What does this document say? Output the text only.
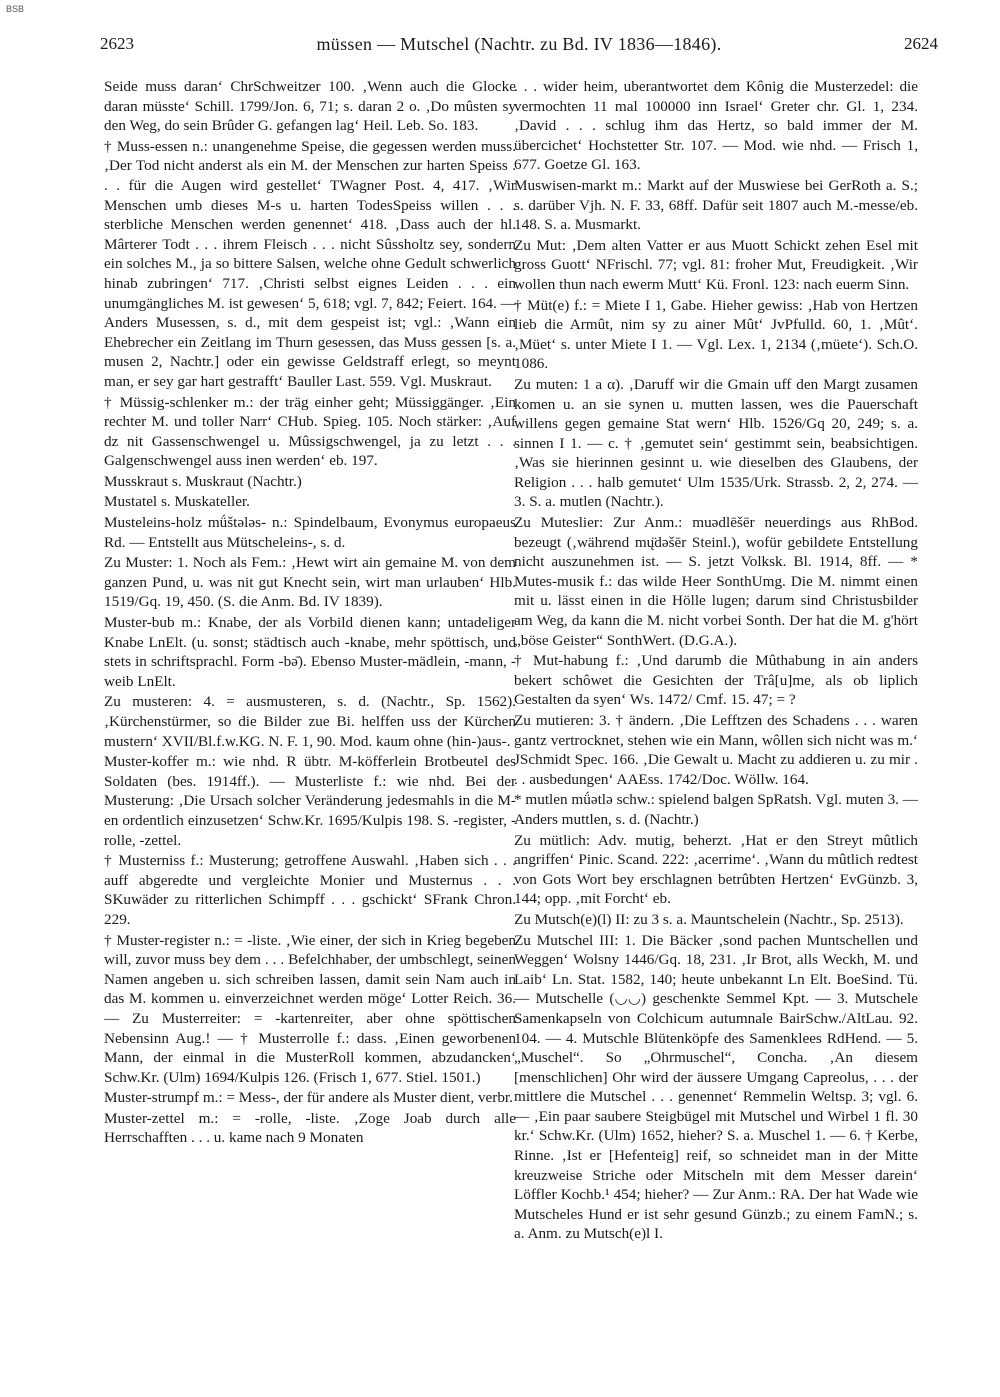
BSB
2623	müssen — Mutschel (Nachtr. zu Bd. IV 1836—1846).	2624

Seide muss daran‘ ChrSchweitzer 100. ‚Wenn auch die Glocke daran müsste‘ Schill. 1799/Jon. 6, 71; s. daran 2 o. ‚Do mûsten sy den Weg, do sein Brûder G. gefangen lag‘ Heil. Leb. So. 183.

† Muss-essen n.: unangenehme Speise, die gegessen werden muss. ‚Der Tod nicht anderst als ein M. der Menschen zur harten Speiss . . . für die Augen wird gestellet‘ TWagner Post. 4, 417. ‚Wir Menschen umb dieses M-s u. harten TodesSpeiss willen . . . sterbliche Menschen werden genennet‘ 418. ‚Dass auch der hl. Mârterer Todt . . . ihrem Fleisch . . . nicht Sûssholtz sey, sondern ein solches M., ja so bittere Salsen, welche ohne Gedult schwerlich hinab zubringen‘ 717. ‚Christi selbst eignes Leiden . . . ein unumgängliches M. ist gewesen‘ 5, 618; vgl. 7, 842; Feiert. 164. — Anders Musessen, s. d., mit dem gespeist ist; vgl.: ‚Wann ein Ehebrecher ein Zeitlang im Thurn gesessen, das Muss gessen [s. a. musen 2, Nachtr.] oder ein gewisse Geldstraff erlegt, so meynt man, er sey gar hart gestrafft‘ Bauller Last. 559. Vgl. Muskraut.

† Müssig-schlenker m.: der träg einher geht; Müssiggänger. ‚Ein rechter M. und toller Narr‘ CHub. Spieg. 105. Noch stärker: ‚Auf dz nit Gassenschwengel u. Mûssigschwengel, ja zu letzt . . . Galgenschwengel auss inen werden‘ eb. 197.

Musskraut s. Muskraut (Nachtr.)

Mustatel s. Muskateller.

Musteleins-holz mǘštələs- n.: Spindelbaum, Evonymus europaeus Rd. — Entstellt aus Mütscheleins-, s. d.

Zu Muster: 1. Noch als Fem.: ‚Hewt wirt ain gemaine M. von dem ganzen Pund, u. was nit gut Knecht sein, wirt man urlauben‘ Hlb. 1519/Gq. 19, 450. (S. die Anm. Bd. IV 1839).

Muster-bub m.: Knabe, der als Vorbild dienen kann; untadeliger Knabe LnElt. (u. sonst; städtisch auch -knabe, mehr spöttisch, und stets in schriftsprachl. Form -bə̄). Ebenso Muster-mädlein, -mann, -weib LnElt.

Zu musteren: 4. = ausmusteren, s. d. (Nachtr., Sp. 1562). ‚Kürchenstürmer, so die Bilder zue Bi. helffen uss der Kürchen mustern‘ XVII/Bl.f.w.KG. N. F. 1, 90. Mod. kaum ohne (hin-)aus-.

Muster-koffer m.: wie nhd. R übtr. M-köfferlein Brotbeutel des Soldaten (bes. 1914ff.). — Musterliste f.: wie nhd. Bei der Musterung: ‚Die Ursach solcher Veränderung jedesmahls in die M-en ordentlich einzusetzen‘ Schw.Kr. 1695/Kulpis 198. S. -register, -rolle, -zettel.

† Musterniss f.: Musterung; getroffene Auswahl. ‚Haben sich . . . auff abgeredte und vergleichte Monier und Musternus . . . SKuwäder zu ritterlichen Schimpff . . . gschickt‘ SFrank Chron. 229.

† Muster-register n.: = -liste. ‚Wie einer, der sich in Krieg begeben will, zuvor muss bey dem . . . Befelchhaber, der umbschlegt, seinen Namen angeben u. sich schreiben lassen, damit sein Nam auch in das M. kommen u. einverzeichnet werden möge‘ Lotter Reich. 36. — Zu Musterreiter: = -kartenreiter, aber ohne spöttischen Nebensinn Aug.! — † Musterrolle f.: dass. ‚Einen geworbenen Mann, der einmal in die MusterRoll kommen, abzudancken‘ Schw.Kr. (Ulm) 1694/Kulpis 126. (Frisch 1, 677. Stiel. 1501.)

Muster-strumpf m.: = Mess-, der für andere als Muster dient, verbr.

Muster-zettel m.: = -rolle, -liste. ‚Zoge Joab durch alle Herrschafften . . . u. kame nach 9 Monaten

. . . wider heim, uberantwortet dem Kônig die Musterzedel: die vermochten 11 mal 100000 inn Israel‘ Greter chr. Gl. 1, 234. ‚David . . . schlug ihm das Hertz, so bald immer der M. übercichet‘ Hochstetter Str. 107. — Mod. wie nhd. — Frisch 1, 677. Goetze Gl. 163.

Muswisen-markt m.: Markt auf der Muswiese bei GerRoth a. S.; s. darüber Vjh. N. F. 33, 68ff. Dafür seit 1807 auch M.-messe/eb. 148. S. a. Musmarkt.

Zu Mut: ‚Dem alten Vatter er aus Muott Schickt zehen Esel mit gross Guott‘ NFrischl. 77; vgl. 81: froher Mut, Freudigkeit. ‚Wir wollen thun nach ewerm Mutt‘ Kü. Fronl. 123: nach euerm Sinn.

† Müt(e) f.: = Miete I 1, Gabe. Hieher gewiss: ‚Hab von Hertzen lieb die Armût, nim sy zu ainer Mût‘ JvPfulld. 60, 1. ‚Mût‘. ‚Müet‘ s. unter Miete I 1. — Vgl. Lex. 1, 2134 (‚müete‘). Sch.O. 1086.

Zu muten: 1 a α). ‚Daruff wir die Gmain uff den Margt zusamen komen u. an sie synen u. mutten lassen, wes die Pauerschaft willens gegen gemaine Stat wern‘ Hlb. 1526/Gq 20, 249; s. a. sinnen I 1. — c. † ‚gemutet sein‘ gestimmt sein, beabsichtigen. ‚Was sie hierinnen gesinnt u. wie dieselben des Glaubens, der Religion . . . halb gemutet‘ Ulm 1535/Urk. Strassb. 2, 2, 274. — 3. S. a. mutlen (Nachtr.).

Zu Muteslier: Zur Anm.: muədlēšēr neuerdings aus RhBod. bezeugt (‚während mų̈dəšēr Steinl.), wofür gebildete Entstellung nicht auszunehmen ist. — S. jetzt Volksk. Bl. 1914, 8ff. — * Mutes-musik f.: das wilde Heer SonthUmg. Die M. nimmt einen mit u. lässt einen in die Hölle lugen; darum sind Christusbilder am Weg, da kann die M. nicht vorbei Sonth. Der hat die M. g'hört „böse Geister“ SonthWert. (D.G.A.).

† Mut-habung f.: ‚Und darumb die Mûthabung in ain anders bekert schôwet die Gesichten der Trâ[u]me, als ob liplich Gestalten da syen‘ Ws. 1472/ Cmf. 15. 47; = ?

Zu mutieren: 3. † ändern. ‚Die Lefftzen des Schadens . . . waren gantz vertrocknet, stehen wie ein Mann, wôllen sich nicht was m.‘ JSchmidt Spec. 166. ‚Die Gewalt u. Macht zu addieren u. zu mir . . . ausbedungen‘ AAEss. 1742/Doc. Wöllw. 164.

* mutlen mǘətlə schw.: spielend balgen SpRatsh. Vgl. muten 3. — Anders muttlen, s. d. (Nachtr.)

Zu mütlich: Adv. mutig, beherzt. ‚Hat er den Streyt mûtlich angriffen‘ Pinic. Scand. 222: ‚acerrime‘. ‚Wann du mûtlich redtest von Gots Wort bey erschlagnen betrûbten Hertzen‘ EvGünzb. 3, 144; opp. ‚mit Forcht‘ eb.

Zu Mutsch(e)(l) II: zu 3 s. a. Mauntschelein (Nachtr., Sp. 2513).

Zu Mutschel III: 1. Die Bäcker ‚sond pachen Muntschellen und Weggen‘ Wolsny 1446/Gq. 18, 231. ‚Ir Brot, alls Weckh, M. und Laib‘ Ln. Stat. 1582, 140; heute unbekannt Ln Elt. BoeSind. Tü. — Mutschelle (◡◡) geschenkte Semmel Kpt. — 3. Mutschele Samenkapseln von Colchicum autumnale BairSchw./AltLau. 92. 104. — 4. Mutschle Blütenköpfe des Samenklees RdHend. — 5. „Muschel“. So „Ohrmuschel“, Concha. ‚An diesem [menschlichen] Ohr wird der äussere Umgang Capreolus, . . . der mittlere die Mutschel . . . genennet‘ Remmelin Weltsp. 3; vgl. 6. — ‚Ein paar saubere Steigbügel mit Mutschel und Wirbel 1 fl. 30 kr.‘ Schw.Kr. (Ulm) 1652, hieher? S. a. Muschel 1. — 6. † Kerbe, Rinne. ‚Ist er [Hefenteig] reif, so schneidet man in der Mitte kreuzweise Striche oder Mitscheln mit dem Messer darein‘ Löffler Kochb.¹ 454; hieher? — Zur Anm.: RA. Der hat Wade wie Mutscheles Hund er ist sehr gesund Günzb.; zu einem FamN.; s. a. Anm. zu Mutsch(e)l I.
